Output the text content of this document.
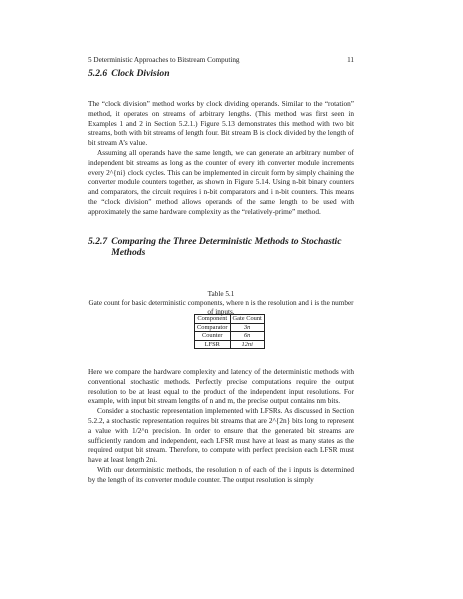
5 Deterministic Approaches to Bitstream Computing	11
5.2.6 Clock Division

The “clock division” method works by clock dividing operands. Similar to the “rotation” method, it operates on streams of arbitrary lengths. (This method was first seen in Examples 1 and 2 in Section 5.2.1.) Figure 5.13 demonstrates this method with two bit streams, both with bit streams of length four. Bit stream B is clock divided by the length of bit stream A’s value.

Assuming all operands have the same length, we can generate an arbitrary number of independent bit streams as long as the counter of every ith converter module increments every 2^{ni} clock cycles. This can be implemented in circuit form by simply chaining the converter module counters together, as shown in Figure 5.14. Using n-bit binary counters and comparators, the circuit requires i n-bit comparators and i n-bit counters. This means the “clock division” method allows operands of the same length to be used with approximately the same hardware complexity as the “relatively-prime” method.

5.2.7 Comparing the Three Deterministic Methods to Stochastic Methods
Table 5.1
Gate count for basic deterministic components, where n is the resolution and i is the number of inputs.
Component	Gate Count
Comparator	3n
Counter	6n
LFSR	12ni

Here we compare the hardware complexity and latency of the deterministic methods with conventional stochastic methods. Perfectly precise computations require the output resolution to be at least equal to the product of the independent input resolutions. For example, with input bit stream lengths of n and m, the precise output contains nm bits.

Consider a stochastic representation implemented with LFSRs. As discussed in Section 5.2.2, a stochastic representation requires bit streams that are 2^{2n} bits long to represent a value with 1/2^n precision. In order to ensure that the generated bit streams are sufficiently random and independent, each LFSR must have at least as many states as the required output bit stream. Therefore, to compute with perfect precision each LFSR must have at least length 2ni.

With our deterministic methods, the resolution n of each of the i inputs is determined by the length of its converter module counter. The output resolution is simply
